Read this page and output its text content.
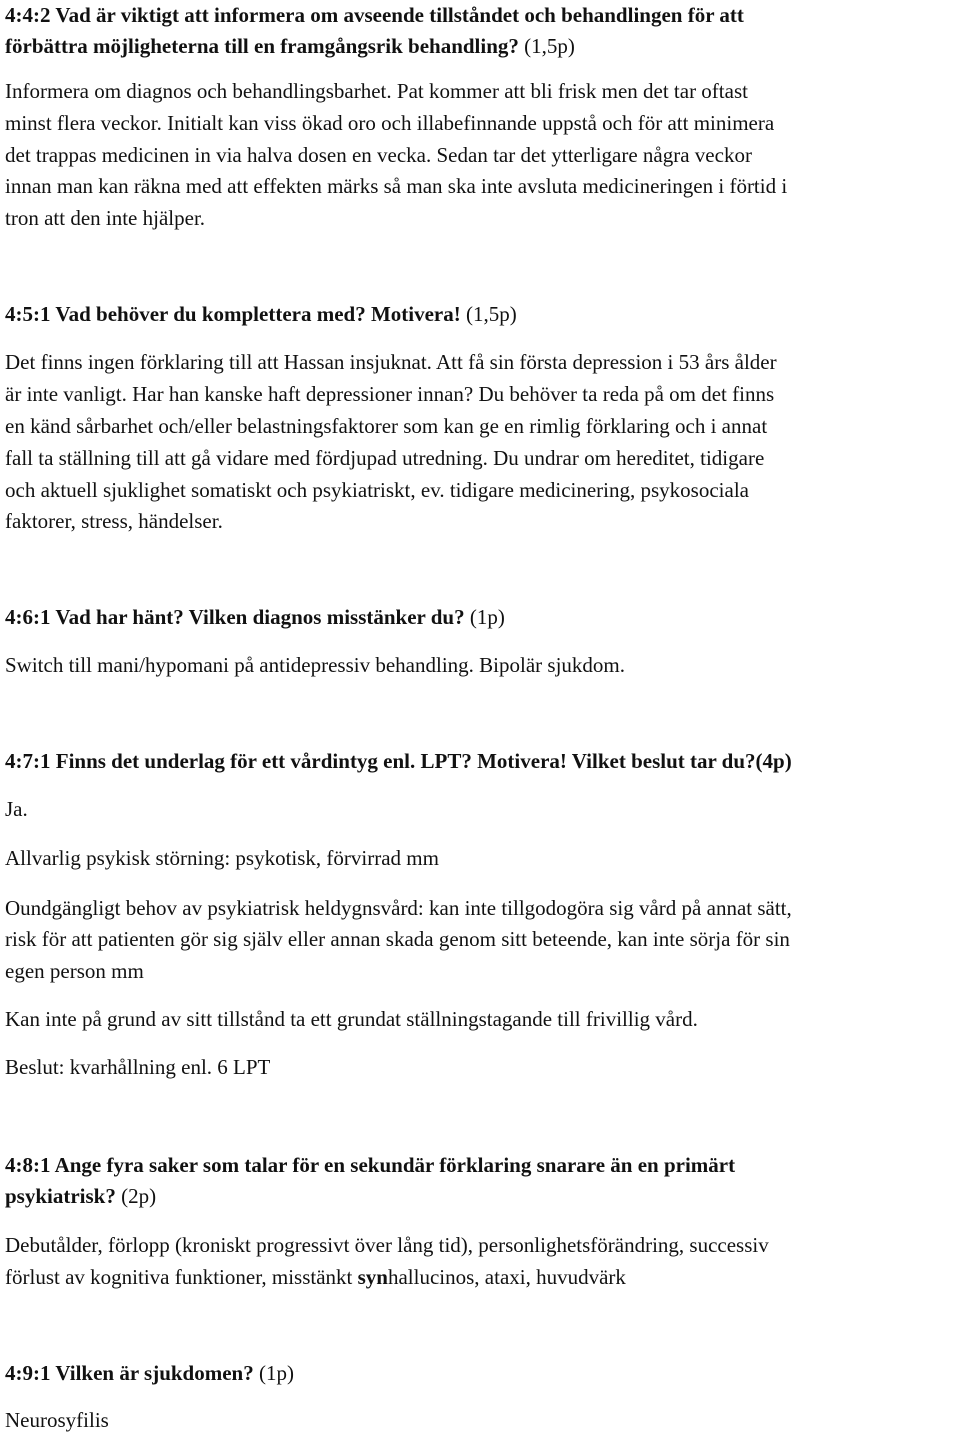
4:4:2 Vad är viktigt att informera om avseende tillståndet och behandlingen för att

förbättra möjligheterna till en framgångsrik behandling? (1,5p)

Informera om diagnos och behandlingsbarhet. Pat kommer att bli frisk men det tar oftast

minst flera veckor. Initialt kan viss ökad oro och illabefinnande uppstå och för att minimera

det trappas medicinen in via halva dosen en vecka. Sedan tar det ytterligare några veckor

innan man kan räkna med att effekten märks så man ska inte avsluta medicineringen i förtid i

tron att den inte hjälper.

4:5:1 Vad behöver du komplettera med? Motivera! (1,5p)

Det finns ingen förklaring till att Hassan insjuknat. Att få sin första depression i 53 års ålder

är inte vanligt. Har han kanske haft depressioner innan? Du behöver ta reda på om det finns

en känd sårbarhet och/eller belastningsfaktorer som kan ge en rimlig förklaring och i annat

fall ta ställning till att gå vidare med fördjupad utredning. Du undrar om hereditet, tidigare

och aktuell sjuklighet somatiskt och psykiatriskt, ev. tidigare medicinering, psykosociala

faktorer, stress, händelser.

4:6:1 Vad har hänt? Vilken diagnos misstänker du? (1p)

Switch till mani/hypomani på antidepressiv behandling. Bipolär sjukdom.

4:7:1 Finns det underlag för ett vårdintyg enl. LPT? Motivera! Vilket beslut tar du?(4p)

Ja.

Allvarlig psykisk störning: psykotisk, förvirrad mm

Oundgängligt behov av psykiatrisk heldygnsvård: kan inte tillgodogöra sig vård på annat sätt,

risk för att patienten gör sig själv eller annan skada genom sitt beteende, kan inte sörja för sin

egen person mm

Kan inte på grund av sitt tillstånd ta ett grundat ställningstagande till frivillig vård.

Beslut: kvarhållning enl. 6 LPT

4:8:1 Ange fyra saker som talar för en sekundär förklaring snarare än en primärt

psykiatrisk? (2p)

Debutålder, förlopp (kroniskt progressivt över lång tid), personlighetsförändring, successiv

förlust av kognitiva funktioner, misstänkt synhallucinos, ataxi, huvudvärk

4:9:1 Vilken är sjukdomen? (1p)

Neurosyfilis
